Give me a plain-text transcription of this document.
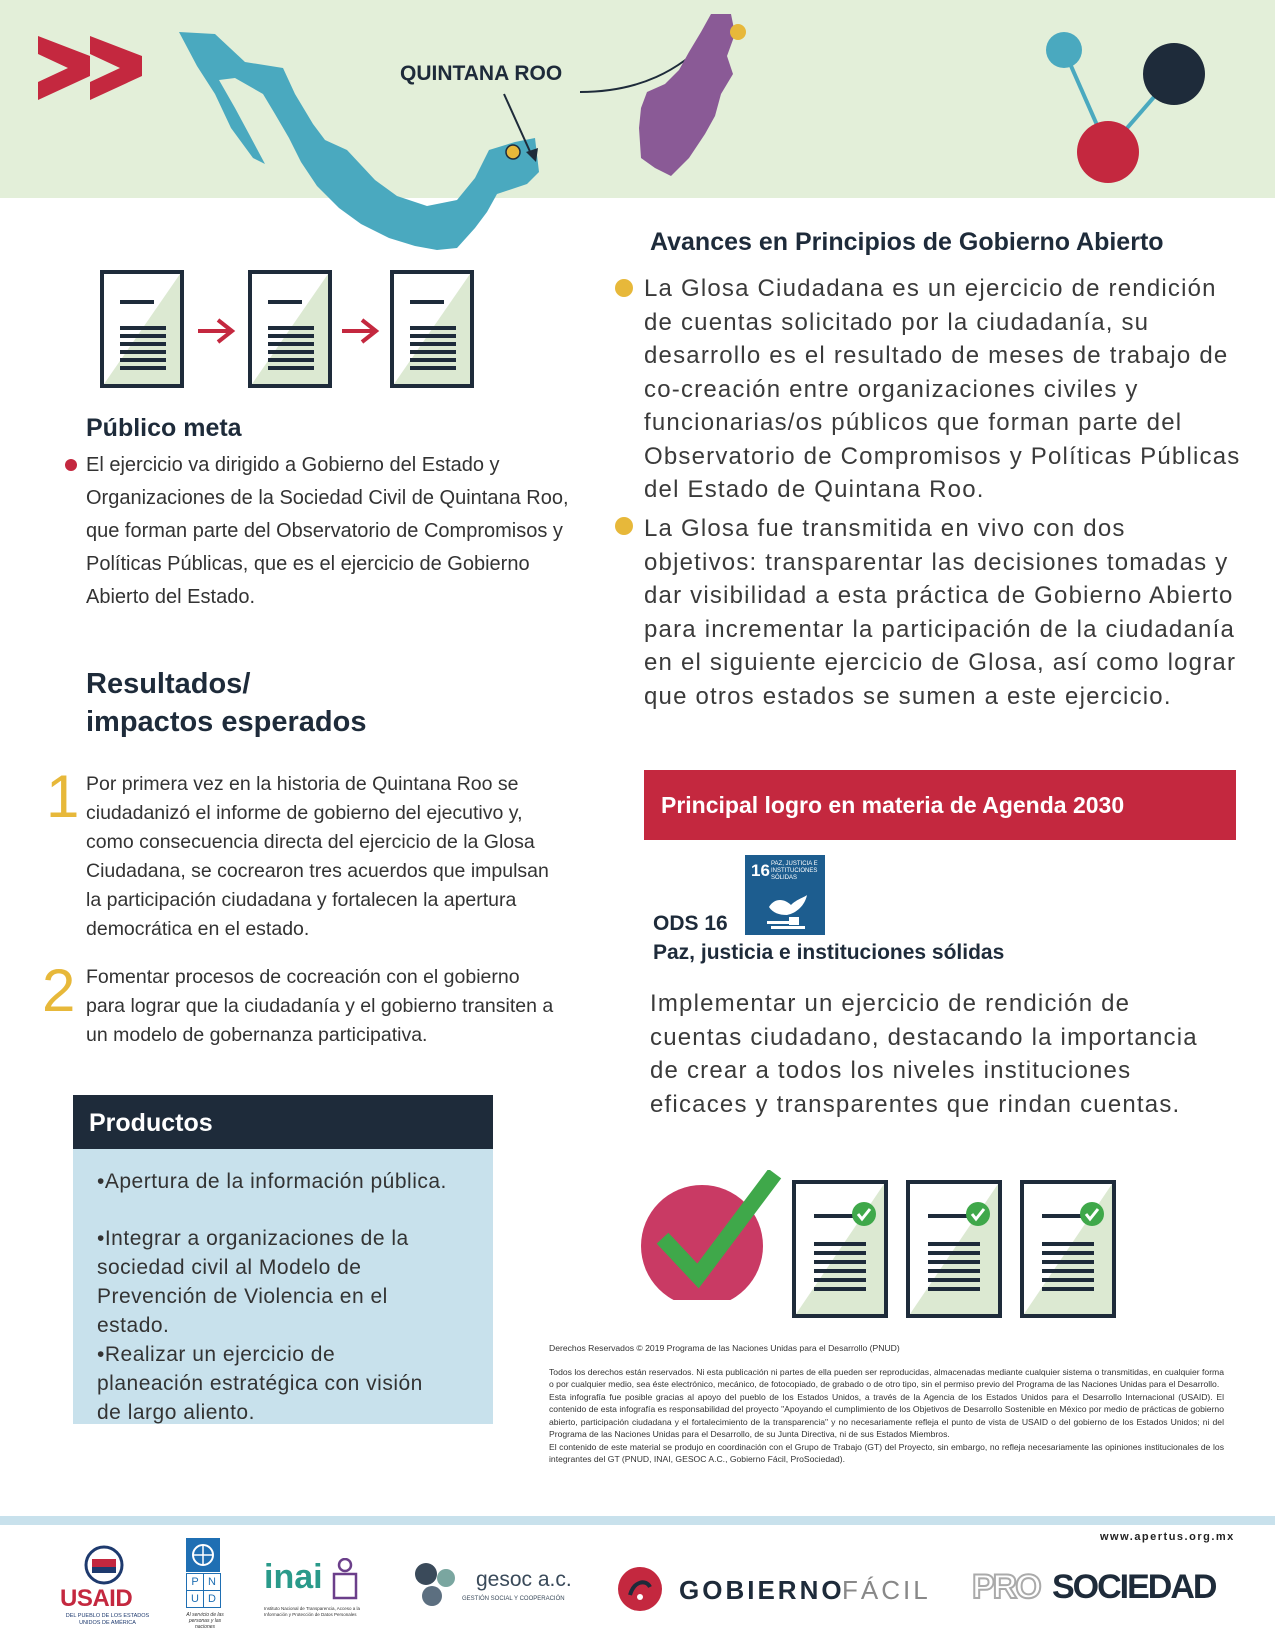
QUINTANA ROO
Público meta
El ejercicio va dirigido a Gobierno del Estado y Organizaciones de la Sociedad Civil de Quintana Roo, que forman parte del Observatorio de Compromisos y Políticas Públicas, que es el ejercicio de Gobierno Abierto del Estado.
Resultados/
impactos esperados
1 Por primera vez en la historia de Quintana Roo se ciudadanizó el informe de gobierno del ejecutivo y, como consecuencia directa del ejercicio de la Glosa Ciudadana, se cocrearon tres acuerdos que impulsan la participación ciudadana y fortalecen la apertura democrática en el estado.
2 Fomentar procesos de cocreación con el gobierno para lograr que la ciudadanía y el gobierno transiten a un modelo de gobernanza participativa.
Productos
•Apertura de la información pública.
•Integrar a organizaciones de la sociedad civil al Modelo de Prevención de Violencia en el estado.
•Realizar un ejercicio de planeación estratégica con visión de largo aliento.
Avances en Principios de Gobierno Abierto
La Glosa Ciudadana es un ejercicio de rendición de cuentas solicitado por la ciudadanía, su desarrollo es el resultado de meses de trabajo de co-creación entre organizaciones civiles y funcionarias/os públicos que forman parte del Observatorio de Compromisos y Políticas Públicas del Estado de Quintana Roo.
La Glosa fue transmitida en vivo con dos objetivos: transparentar las decisiones tomadas y dar visibilidad a esta práctica de Gobierno Abierto para incrementar la participación de la ciudadanía en el siguiente ejercicio de Glosa, así como lograr que otros estados se sumen a este ejercicio.
Principal logro en materia de Agenda 2030
16 PAZ, JUSTICIA E INSTITUCIONES SÓLIDAS
ODS 16
Paz, justicia e instituciones sólidas
Implementar un ejercicio de rendición de cuentas ciudadano, destacando la importancia de crear a todos los niveles instituciones eficaces y transparentes que rindan cuentas.
Derechos Reservados © 2019 Programa de las Naciones Unidas para el Desarrollo (PNUD)
Todos los derechos están reservados. Ni esta publicación ni partes de ella pueden ser reproducidas, almacenadas mediante cualquier sistema o transmitidas, en cualquier forma o por cualquier medio, sea éste electrónico, mecánico, de fotocopiado, de grabado o de otro tipo, sin el permiso previo del Programa de las Naciones Unidas para el Desarrollo.
Esta infografía fue posible gracias al apoyo del pueblo de los Estados Unidos, a través de la Agencia de los Estados Unidos para el Desarrollo Internacional (USAID). El contenido de esta infografía es responsabilidad del proyecto "Apoyando el cumplimiento de los Objetivos de Desarrollo Sostenible en México por medio de prácticas de gobierno abierto, participación ciudadana y el fortalecimiento de la transparencia" y no necesariamente refleja el punto de vista de USAID o del gobierno de los Estados Unidos; ni del Programa de las Naciones Unidas para el Desarrollo, de su Junta Directiva, ni de sus Estados Miembros.
El contenido de este material se produjo en coordinación con el Grupo de Trabajo (GT) del Proyecto, sin embargo, no refleja necesariamente las opiniones institucionales de los integrantes del GT (PNUD, INAI, GESOC A.C., Gobierno Fácil, ProSociedad).
www.apertus.org.mx
USAID
DEL PUEBLO DE LOS ESTADOS UNIDOS DE AMÉRICA
P N
U D
Al servicio de las personas y las naciones
inai
Instituto Nacional de Transparencia, Acceso a la Información y Protección de Datos Personales
gesoc a.c.
GESTIÓN SOCIAL Y COOPERACIÓN	GOBIERNO
FÁCIL PRO SOCIEDAD
